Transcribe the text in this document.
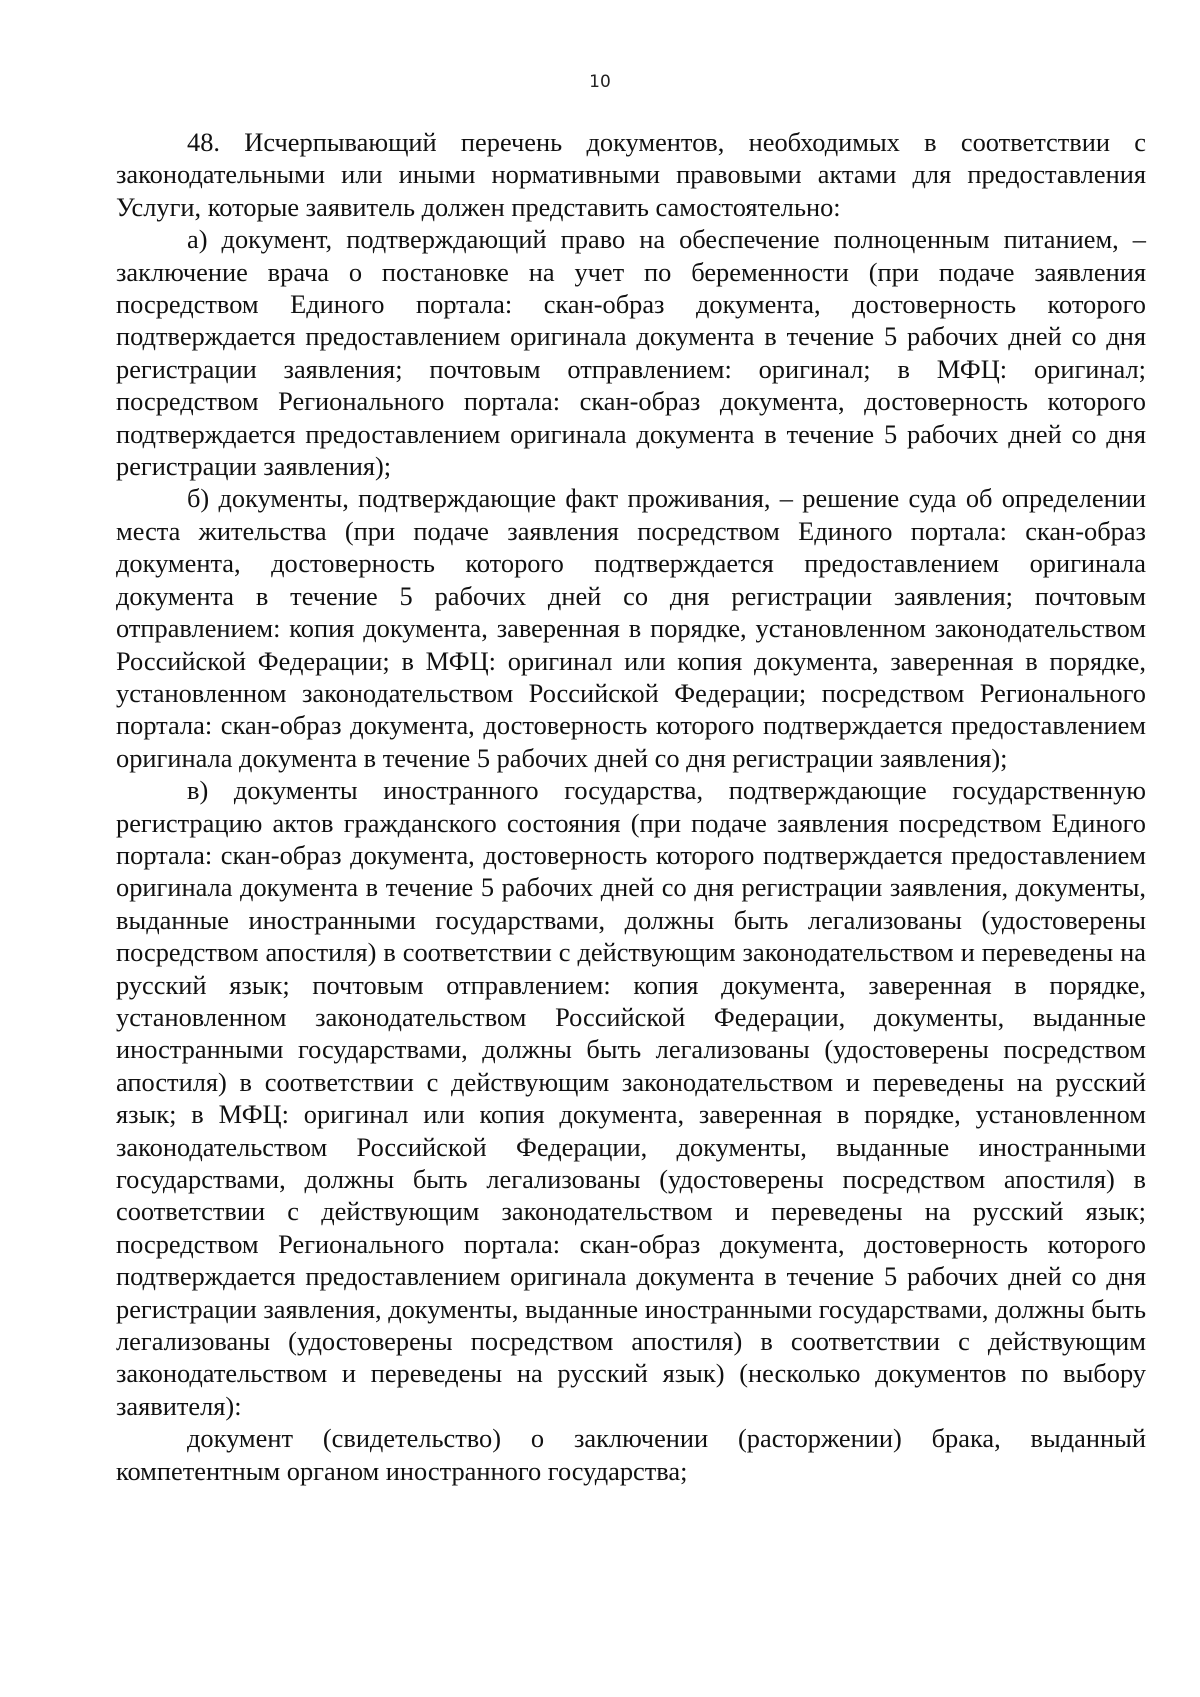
10

48. Исчерпывающий перечень документов, необходимых в соответствии с законодательными или иными нормативными правовыми актами для предоставления Услуги, которые заявитель должен представить самостоятельно:

а) документ, подтверждающий право на обеспечение полноценным питанием, – заключение врача о постановке на учет по беременности (при подаче заявления посредством Единого портала: скан-образ документа, достоверность которого подтверждается предоставлением оригинала документа в течение 5 рабочих дней со дня регистрации заявления; почтовым отправлением: оригинал; в МФЦ: оригинал; посредством Регионального портала: скан-образ документа, достоверность которого подтверждается предоставлением оригинала документа в течение 5 рабочих дней со дня регистрации заявления);

б) документы, подтверждающие факт проживания, – решение суда об определении места жительства (при подаче заявления посредством Единого портала: скан-образ документа, достоверность которого подтверждается предоставлением оригинала документа в течение 5 рабочих дней со дня регистрации заявления; почтовым отправлением: копия документа, заверенная в порядке, установленном законодательством Российской Федерации; в МФЦ: оригинал или копия документа, заверенная в порядке, установленном законодательством Российской Федерации; посредством Регионального портала: скан-образ документа, достоверность которого подтверждается предоставлением оригинала документа в течение 5 рабочих дней со дня регистрации заявления);

в) документы иностранного государства, подтверждающие государственную регистрацию актов гражданского состояния (при подаче заявления посредством Единого портала: скан-образ документа, достоверность которого подтверждается предоставлением оригинала документа в течение 5 рабочих дней со дня регистрации заявления, документы, выданные иностранными государствами, должны быть легализованы (удостоверены посредством апостиля) в соответствии с действующим законодательством и переведены на русский язык; почтовым отправлением: копия документа, заверенная в порядке, установленном законодательством Российской Федерации, документы, выданные иностранными государствами, должны быть легализованы (удостоверены посредством апостиля) в соответствии с действующим законодательством и переведены на русский язык; в МФЦ: оригинал или копия документа, заверенная в порядке, установленном законодательством Российской Федерации, документы, выданные иностранными государствами, должны быть легализованы (удостоверены посредством апостиля) в соответствии с действующим законодательством и переведены на русский язык; посредством Регионального портала: скан-образ документа, достоверность которого подтверждается предоставлением оригинала документа в течение 5 рабочих дней со дня регистрации заявления, документы, выданные иностранными государствами, должны быть легализованы (удостоверены посредством апостиля) в соответствии с действующим законодательством и переведены на русский язык) (несколько документов по выбору заявителя):

документ (свидетельство) о заключении (расторжении) брака, выданный компетентным органом иностранного государства;
